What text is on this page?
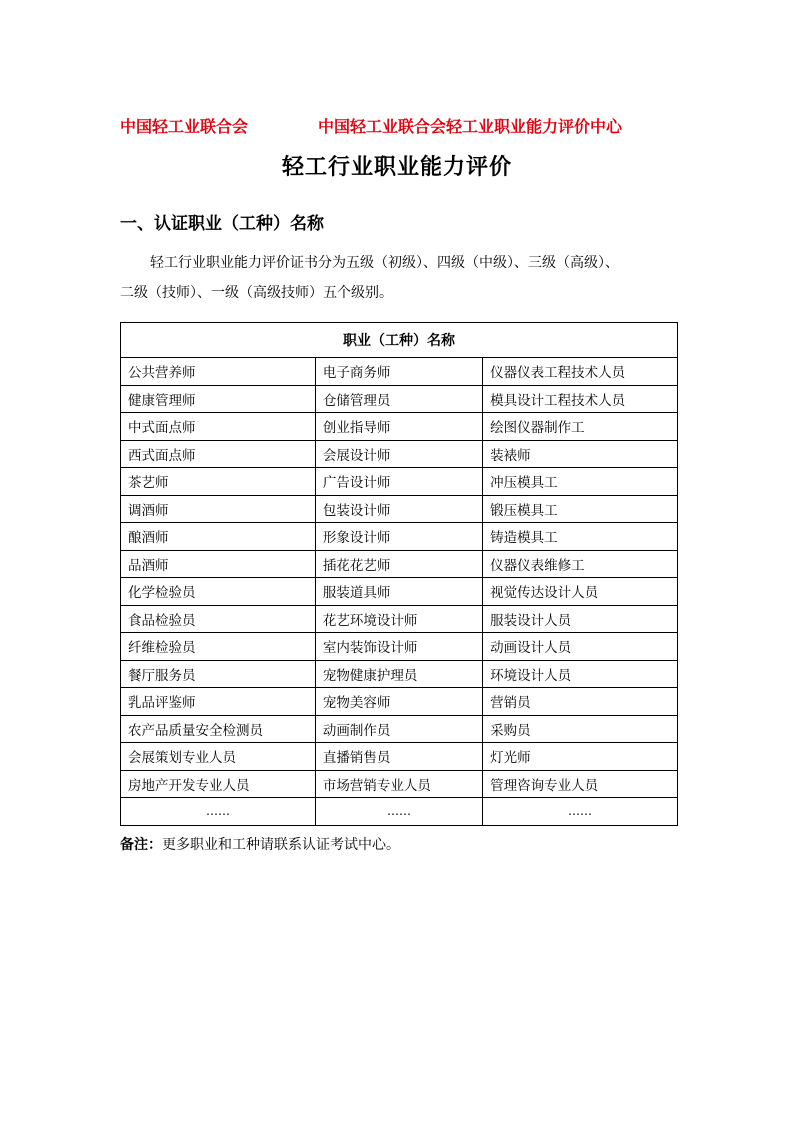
中国轻工业联合会	中国轻工业联合会轻工业职业能力评价中心
轻工行业职业能力评价
一、认证职业（工种）名称

轻工行业职业能力评价证书分为五级（初级）、四级（中级）、三级（高级）、
二级（技师）、一级（高级技师）五个级别。

职业（工种）名称		
公共营养师	电子商务师	仪器仪表工程技术人员
健康管理师	仓储管理员	模具设计工程技术人员
中式面点师	创业指导师	绘图仪器制作工
西式面点师	会展设计师	装裱师
茶艺师	广告设计师	冲压模具工
调酒师	包装设计师	锻压模具工
酿酒师	形象设计师	铸造模具工
品酒师	插花花艺师	仪器仪表维修工
化学检验员	服装道具师	视觉传达设计人员
食品检验员	花艺环境设计师	服装设计人员
纤维检验员	室内装饰设计师	动画设计人员
餐厅服务员	宠物健康护理员	环境设计人员
乳品评鉴师	宠物美容师	营销员
农产品质量安全检测员	动画制作员	采购员
会展策划专业人员	直播销售员	灯光师
房地产开发专业人员	市场营销专业人员	管理咨询专业人员
……	……	……
备注：更多职业和工种请联系认证考试中心。
